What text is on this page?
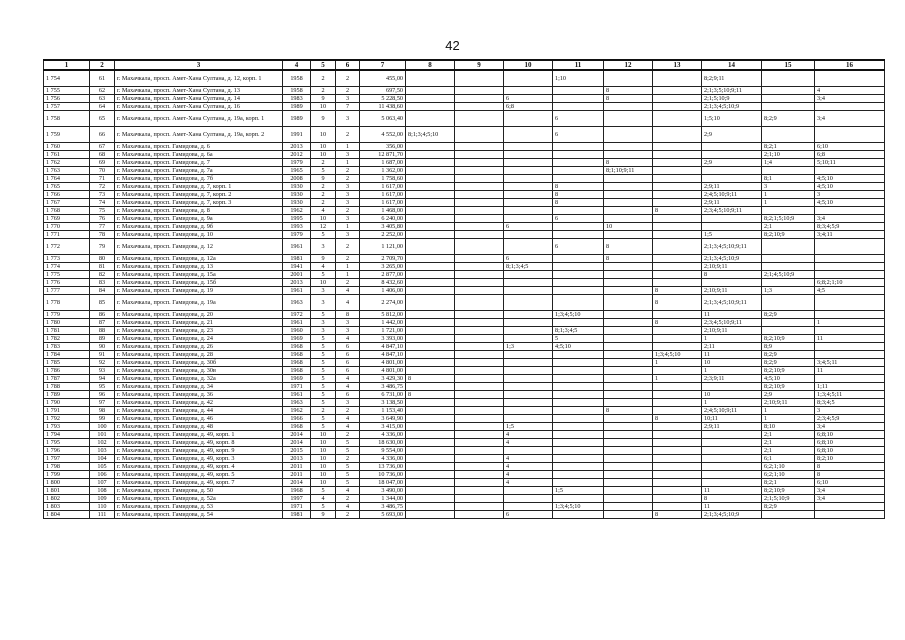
42
1	2	3	4	5	6	7	8	9	10	11	12	13	14	15	16
1 754	61	г. Махачкала, просп. Амет-Хана Султана, д. 12, корп. 1	1958	2	2	455,00				1;10			8;2;9;11		
1 755	62	г. Махачкала, просп. Амет-Хана Султана, д. 13	1958	2	2	697,50					8		2;1;3;5;10;9;11		4
1 756	63	г. Махачкала, просп. Амет-Хана Султана, д. 14	1983	9	3	5 228,50			6		8		2;1;5;10;9		3;4
1 757	64	г. Махачкала, просп. Амет-Хана Султана, д. 16	1989	10	7	11 438,60			6;8				2;1;3;4;5;10;9		
1 758	65	г. Махачкала, просп. Амет-Хана Султана, д. 19а, корп. 1	1989	9	3	5 063,40				6			1;5;10	8;2;9	3;4
1 759	66	г. Махачкала, просп. Амет-Хана Султана, д. 19а, корп. 2	1991	10	2	4 552,00	8;1;3;4;5;10			6			2;9		
1 760	67	г. Махачкала, просп. Гамидова, д. 6	2013	10	1	356,00								8;2;1	6;10
1 761	68	г. Махачкала, просп. Гамидова, д. 6а	2012	10	3	12 871,70								2;1;10	6;8
1 762	69	г. Махачкала, просп. Гамидова, д. 7	1979	2	1	1 687,00					8		2;9	1;4	5;10;11
1 763	70	г. Махачкала, просп. Гамидова, д. 7а	1965	5	2	1 362,00					8;1;10;9;11				
1 764	71	г. Махачкала, просп. Гамидова, д. 7б	2008	9	2	1 758,60								8;1	4;5;10
1 765	72	г. Махачкала, просп. Гамидова, д. 7, корп. 1	1930	2	3	1 617,00				8			2;9;11	3	4;5;10
1 766	73	г. Махачкала, просп. Гамидова, д. 7, корп. 2	1930	2	3	1 617,00				8			2;4;5;10;9;11	1	3
1 767	74	г. Махачкала, просп. Гамидова, д. 7, корп. 3	1930	2	3	1 617,00				8			2;9;11	1	4;5;10
1 768	75	г. Махачкала, просп. Гамидова, д. 8	1962	4	2	1 468,00						8	2;3;4;5;10;9;11		
1 769	76	г. Махачкала, просп. Гамидова, д. 9а	1995	10	3	6 240,00				6				8;2;1;5;10;9	3;4
1 770	77	г. Махачкала, просп. Гамидова, д. 9б	1993	12	1	3 405,80			6		10			2;1	8;3;4;5;9
1 771	78	г. Махачкала, просп. Гамидова, д. 10	1979	5	3	2 252,00							1;5	8;2;10;9	3;4;11
1 772	79	г. Махачкала, просп. Гамидова, д. 12	1961	3	2	1 121,00				6	8		2;1;3;4;5;10;9;11		
1 773	80	г. Махачкала, просп. Гамидова, д. 12а	1981	9	2	2 709,70			6		8		2;1;3;4;5;10;9		
1 774	81	г. Махачкала, просп. Гамидова, д. 13	1941	4	1	3 265,00			8;1;3;4;5				2;10;9;11		
1 775	82	г. Махачкала, просп. Гамидова, д. 15а	2001	5	1	2 877,00							8	2;1;4;5;10;9	
1 776	83	г. Махачкала, просп. Гамидова, д. 15б	2013	10	2	8 432,60									6;8;2;1;10
1 777	84	г. Махачкала, просп. Гамидова, д. 19	1961	3	4	1 406,00						8	2;10;9;11	1;3	4;5
1 778	85	г. Махачкала, просп. Гамидова, д. 19а	1963	3	4	2 274,00						8	2;1;3;4;5;10;9;11		
1 779	86	г. Махачкала, просп. Гамидова, д. 20	1972	5	8	5 812,00				1;3;4;5;10			11	8;2;9	
1 780	87	г. Махачкала, просп. Гамидова, д. 21	1961	3	3	1 442,00						8	2;3;4;5;10;9;11		1
1 781	88	г. Махачкала, просп. Гамидова, д. 23	1960	3	3	1 721,00				8;1;3;4;5			2;10;9;11		
1 782	89	г. Махачкала, просп. Гамидова, д. 24	1969	5	4	3 393,00				5			1	8;2;10;9	11
1 783	90	г. Махачкала, просп. Гамидова, д. 26	1968	5	6	4 847,10			1;3	4;5;10			2;11	8;9	
1 784	91	г. Махачкала, просп. Гамидова, д. 28	1968	5	6	4 847,10						1;3;4;5;10	11	8;2;9	
1 785	92	г. Махачкала, просп. Гамидова, д. 30б	1968	5	6	4 801,00						1	10	8;2;9	3;4;5;11
1 786	93	г. Махачкала, просп. Гамидова, д. 30в	1968	5	6	4 801,00							1	8;2;10;9	11
1 787	94	г. Махачкала, просп. Гамидова, д. 32а	1969	5	4	3 429,30	8					1	2;3;9;11	4;5;10	
1 788	95	г. Махачкала, просп. Гамидова, д. 34	1971	5	4	3 486,75								8;2;10;9	1;11
1 789	96	г. Махачкала, просп. Гамидова, д. 36	1961	5	6	6 731,00	8						10	2;9	1;3;4;5;11
1 790	97	г. Махачкала, просп. Гамидова, д. 42	1963	5	3	3 138,50							1	2;10;9;11	8;3;4;5
1 791	98	г. Махачкала, просп. Гамидова, д. 44	1962	2	2	1 153,40					8		2;4;5;10;9;11	1	3
1 792	99	г. Махачкала, просп. Гамидова, д. 46	1966	5	4	3 649,90						8	10;11	1	2;3;4;5;9
1 793	100	г. Махачкала, просп. Гамидова, д. 48	1968	5	4	3 415,00			1;5				2;9;11	8;10	3;4
1 794	101	г. Махачкала, просп. Гамидова, д. 49, корп. 1	2014	10	2	4 336,00			4					2;1	6;8;10
1 795	102	г. Махачкала, просп. Гамидова, д. 49, корп. 8	2014	10	5	18 630,00			4					2;1	6;8;10
1 796	103	г. Махачкала, просп. Гамидова, д. 49, корп. 9	2015	10	5	9 554,00								2;1	6;8;10
1 797	104	г. Махачкала, просп. Гамидова, д. 49, корп. 3	2013	10	2	4 336,00			4					6;1	8;2;10
1 798	105	г. Махачкала, просп. Гамидова, д. 49, корп. 4	2011	10	5	13 736,00			4					6;2;1;10	8
1 799	106	г. Махачкала, просп. Гамидова, д. 49, корп. 5	2011	10	5	10 736,00			4					6;2;1;10	8
1 800	107	г. Махачкала, просп. Гамидова, д. 49, корп. 7	2014	10	5	18 047,00			4					8;2;1	6;10
1 801	108	г. Махачкала, просп. Гамидова, д. 50	1968	5	4	3 490,00				1;5			11	8;2;10;9	3;4
1 802	109	г. Махачкала, просп. Гамидова, д. 52а	1997	4	2	1 344,00							8	2;1;5;10;9	3;4
1 803	110	г. Махачкала, просп. Гамидова, д. 53	1971	5	4	3 486,75				1;3;4;5;10			11	8;2;9	
1 804	111	г. Махачкала, просп. Гамидова, д. 54	1981	9	2	5 693,00			6			8	2;1;3;4;5;10;9		
